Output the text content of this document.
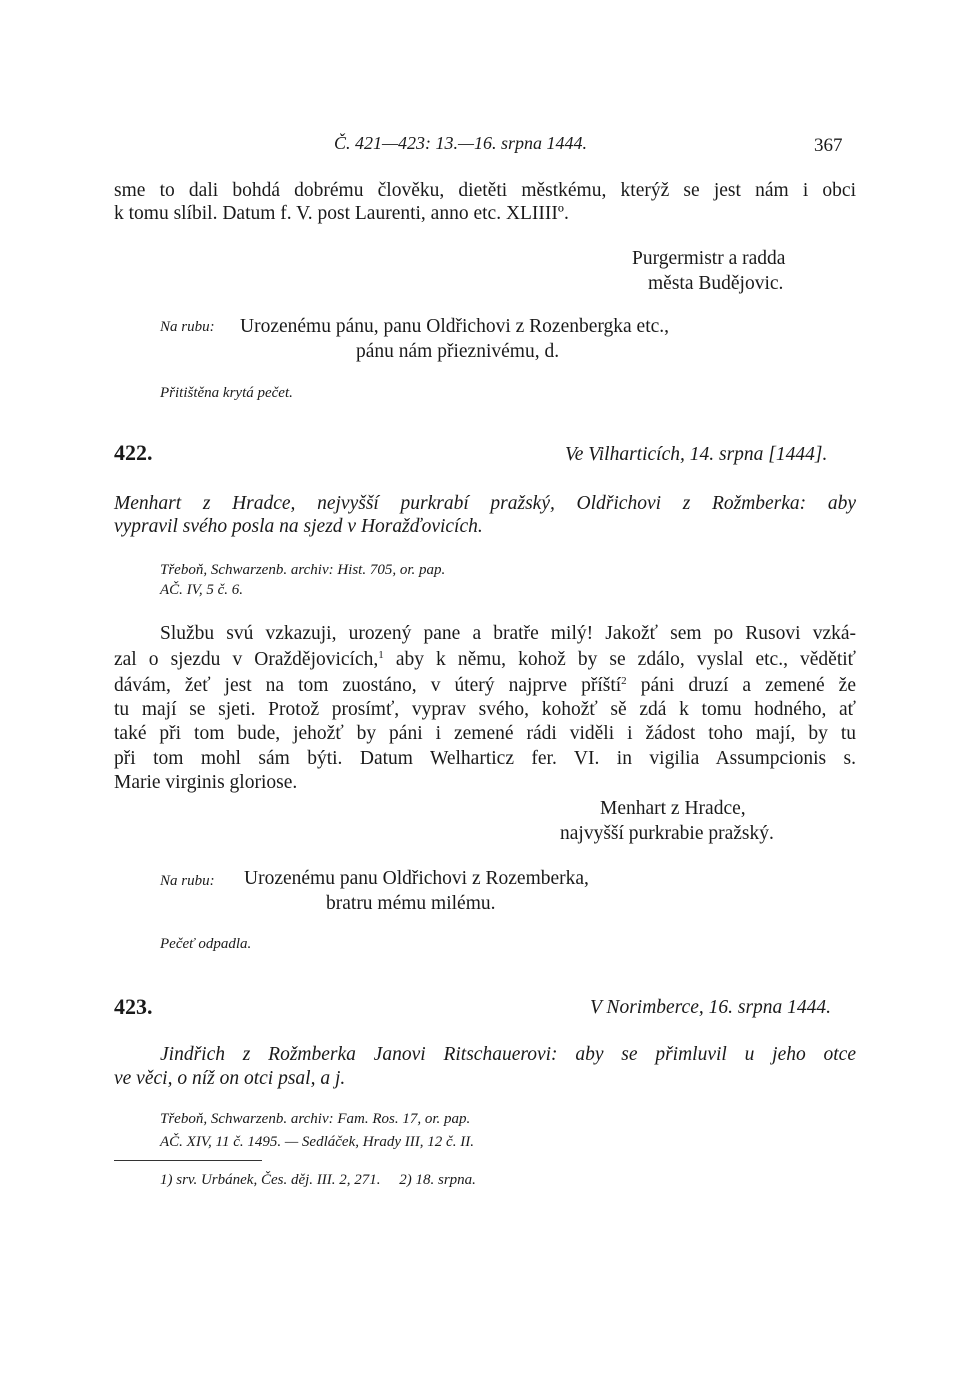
Č. 421—423: 13.—16. srpna 1444.	367
sme to dali bohdá dobrému člověku, dietěti městkému, kterýž se jest nám i obci
k tomu slíbil. Datum f. V. post Laurenti, anno etc. XLIIIIº.
Purgermistr a radda
města Budějovic.
Na rubu: Urozenému pánu, panu Oldřichovi z Rozenbergka etc.,
pánu nám přieznivému, d.
Přitištěna krytá pečet.
422.	Ve Vilharticích, 14. srpna [1444].
Menhart z Hradce, nejvyšší purkrabí pražský, Oldřichovi z Rožmberka: aby
vypravil svého posla na sjezd v Horažďovicích.
Třeboň, Schwarzenb. archiv: Hist. 705, or. pap.
AČ. IV, 5 č. 6.
Službu svú vzkazuji, urozený pane a bratře milý! Jakožť sem po Rusovi vzká-
zal o sjezdu v Oraždějovicích,$^1$ aby k němu, kohož by se zdálo, vyslal etc., vědětiť
dávám, žeť jest na tom zuostáno, v úterý najprve příští$^2$ páni druzí a zemené že
tu mají se sjeti. Protož prosímť, vyprav svého, kohožť sě zdá k tomu hodného, ať
také při tom bude, jehožť by páni i zemené rádi viděli i žádost toho mají, by tu
při tom mohl sám býti. Datum Welharticz fer. VI. in vigilia Assumpcionis s.
Marie virginis gloriose.
Menhart z Hradce,
najvyšší purkrabie pražský.
Na rubu: Urozenému panu Oldřichovi z Rozemberka,
bratru mému milému.
Pečeť odpadla.
423.	V Norimberce, 16. srpna 1444.
Jindřich z Rožmberka Janovi Ritschauerovi: aby se přimluvil u jeho otce
ve věci, o níž on otci psal, a j.
Třeboň, Schwarzenb. archiv: Fam. Ros. 17, or. pap.
AČ. XIV, 11 č. 1495. — Sedláček, Hrady III, 12 č. II.
1) srv. Urbánek, Čes. děj. III. 2, 271.     2) 18. srpna.
